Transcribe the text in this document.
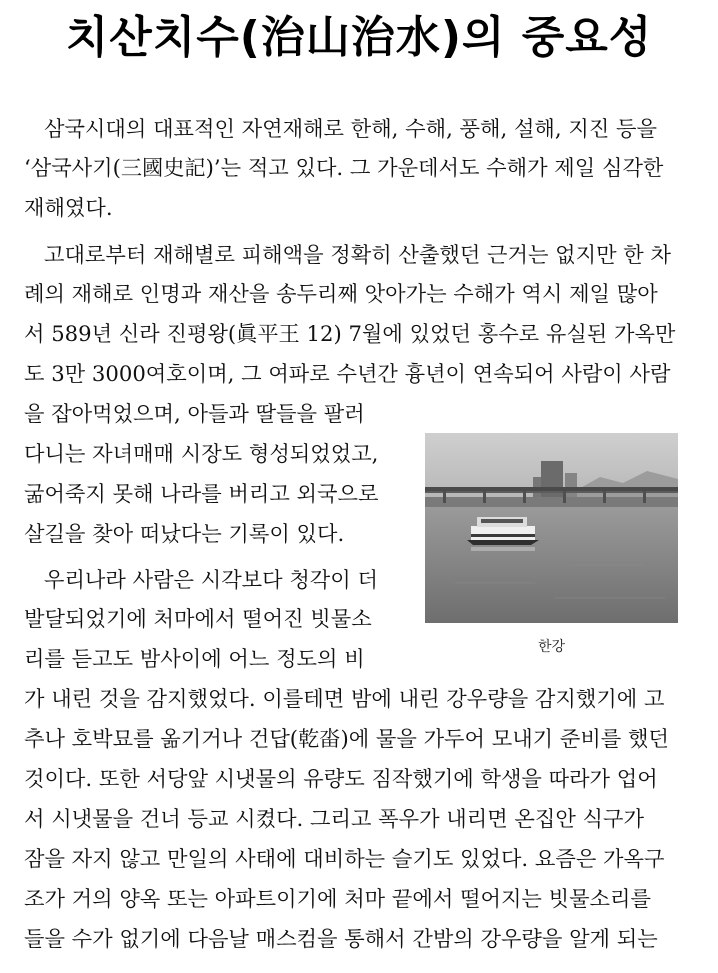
치산치수(治山治水)의 중요성
삼국시대의 대표적인 자연재해로 한해, 수해, 풍해, 설해, 지진 등을
‘삼국사기(三國史記)’는 적고 있다. 그 가운데서도 수해가 제일 심각한
재해였다.
고대로부터 재해별로 피해액을 정확히 산출했던 근거는 없지만 한 차
례의 재해로 인명과 재산을 송두리째 앗아가는 수해가 역시 제일 많아
서 589년 신라 진평왕(眞平王 12) 7월에 있었던 홍수로 유실된 가옥만
도 3만 3000여호이며, 그 여파로 수년간 흉년이 연속되어 사람이 사람
을 잡아먹었으며, 아들과 딸들을 팔러
다니는 자녀매매 시장도 형성되었었고,
굶어죽지 못해 나라를 버리고 외국으로
살길을 찾아 떠났다는 기록이 있다.
우리나라 사람은 시각보다 청각이 더
발달되었기에 처마에서 떨어진 빗물소
리를 듣고도 밤사이에 어느 정도의 비
가 내린 것을 감지했었다. 이를테면 밤에 내린 강우량을 감지했기에 고
추나 호박묘를 옮기거나 건답(乾畓)에 물을 가두어 모내기 준비를 했던
것이다. 또한 서당앞 시냇물의 유량도 짐작했기에 학생을 따라가 업어
서 시냇물을 건너 등교 시켰다. 그리고 폭우가 내리면 온집안 식구가
잠을 자지 않고 만일의 사태에 대비하는 슬기도 있었다. 요즘은 가옥구
조가 거의 양옥 또는 아파트이기에 처마 끝에서 떨어지는 빗물소리를
들을 수가 없기에 다음날 매스컴을 통해서 간밤의 강우량을 알게 되는
한강
